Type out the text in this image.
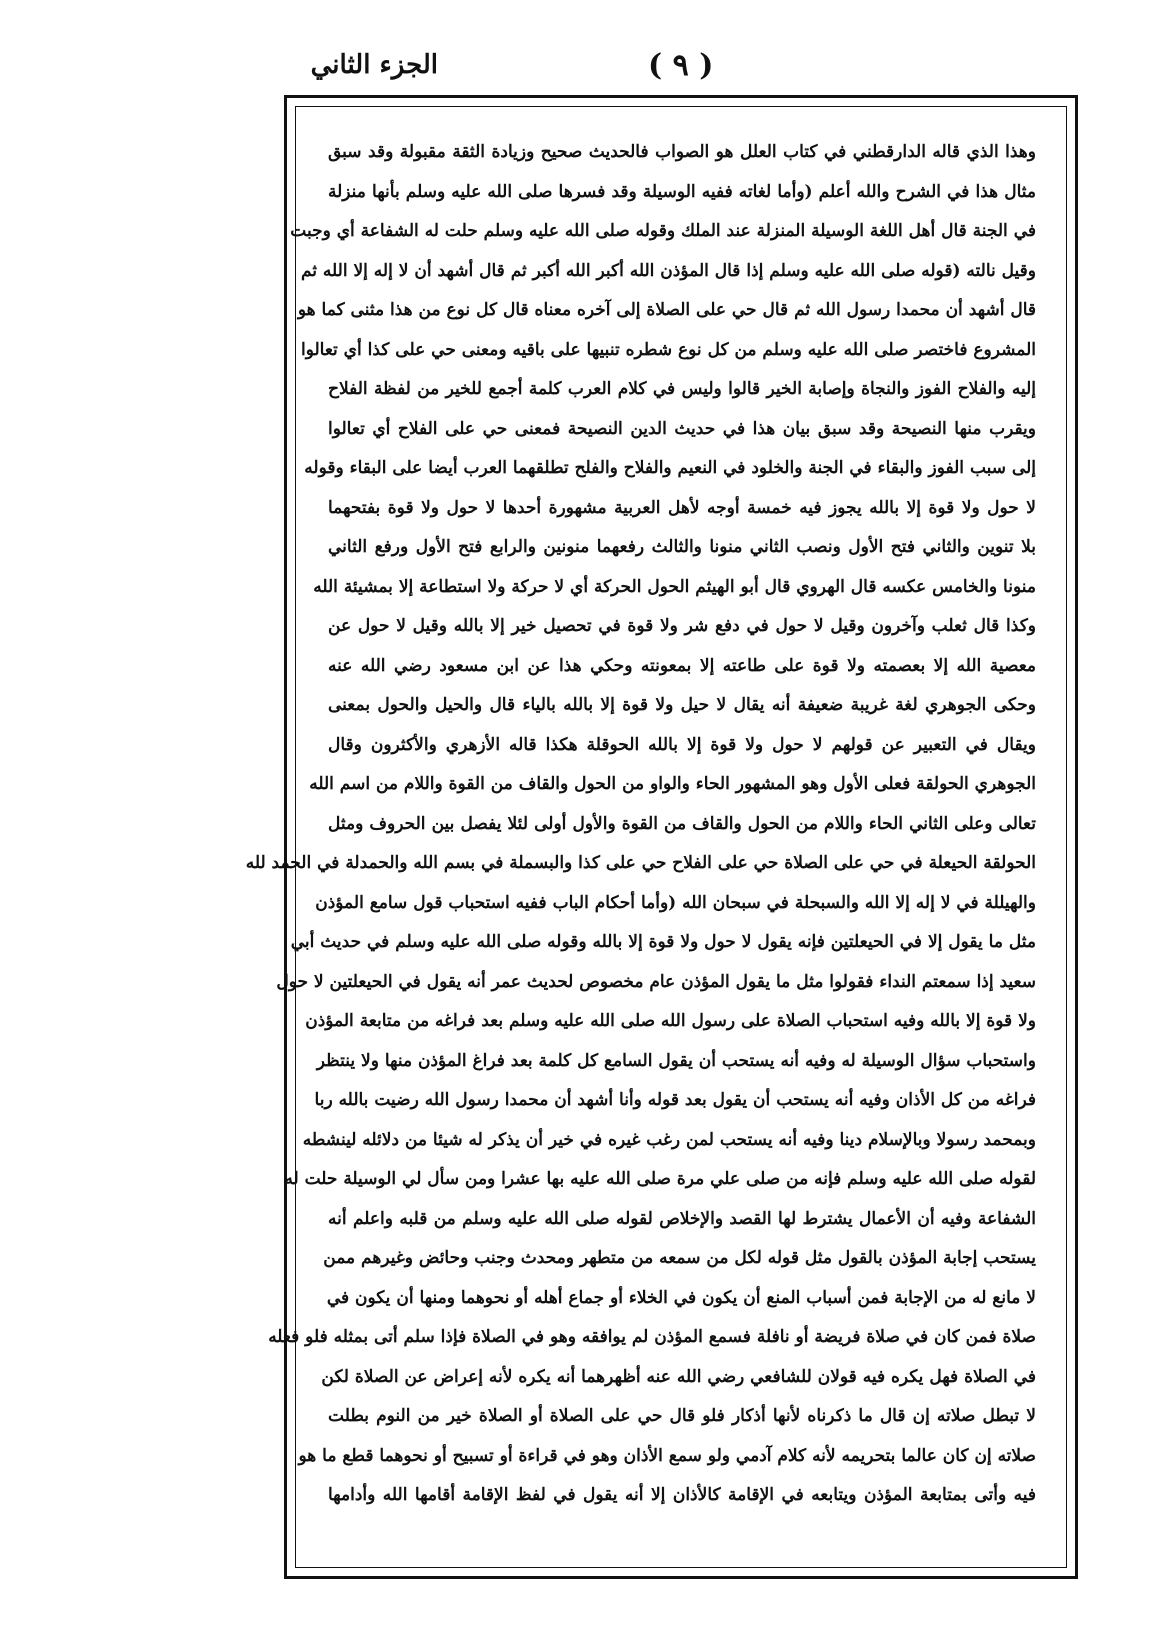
( ٩ )
الجزء الثاني
وهذا الذي قاله الدارقطني في كتاب العلل هو الصواب فالحديث صحيح وزيادة الثقة مقبولة وقد سبق
مثال هذا في الشرح والله أعلم (وأما لغاته ففيه الوسيلة وقد فسرها صلى الله عليه وسلم بأنها منزلة
في الجنة قال أهل اللغة الوسيلة المنزلة عند الملك وقوله صلى الله عليه وسلم حلت له الشفاعة أي وجبت
وقيل نالته (قوله صلى الله عليه وسلم إذا قال المؤذن الله أكبر الله أكبر ثم قال أشهد أن لا إله إلا الله ثم
قال أشهد أن محمدا رسول الله ثم قال حي على الصلاة إلى آخره معناه قال كل نوع من هذا مثنى كما هو
المشروع فاختصر صلى الله عليه وسلم من كل نوع شطره تنبيها على باقيه ومعنى حي على كذا أي تعالوا
إليه والفلاح الفوز والنجاة وإصابة الخير قالوا وليس في كلام العرب كلمة أجمع للخير من لفظة الفلاح
ويقرب منها النصيحة وقد سبق بيان هذا في حديث الدين النصيحة فمعنى حي على الفلاح أي تعالوا
إلى سبب الفوز والبقاء في الجنة والخلود في النعيم والفلاح والفلح تطلقهما العرب أيضا على البقاء وقوله
لا حول ولا قوة إلا بالله يجوز فيه خمسة أوجه لأهل العربية مشهورة أحدها لا حول ولا قوة بفتحهما
بلا تنوين والثاني فتح الأول ونصب الثاني منونا والثالث رفعهما منونين والرابع فتح الأول ورفع الثاني
منونا والخامس عكسه قال الهروي قال أبو الهيثم الحول الحركة أي لا حركة ولا استطاعة إلا بمشيئة الله
وكذا قال ثعلب وآخرون وقيل لا حول في دفع شر ولا قوة في تحصيل خير إلا بالله وقيل لا حول عن
معصية الله إلا بعصمته ولا قوة على طاعته إلا بمعونته وحكي هذا عن ابن مسعود رضي الله عنه
وحكى الجوهري لغة غريبة ضعيفة أنه يقال لا حيل ولا قوة إلا بالله بالياء قال والحيل والحول بمعنى
ويقال في التعبير عن قولهم لا حول ولا قوة إلا بالله الحوقلة هكذا قاله الأزهري والأكثرون وقال
الجوهري الحولقة فعلى الأول وهو المشهور الحاء والواو من الحول والقاف من القوة واللام من اسم الله
تعالى وعلى الثاني الحاء واللام من الحول والقاف من القوة والأول أولى لئلا يفصل بين الحروف ومثل
الحولقة الحيعلة في حي على الصلاة حي على الفلاح حي على كذا والبسملة في بسم الله والحمدلة في الحمد لله
والهيللة في لا إله إلا الله والسبحلة في سبحان الله (وأما أحكام الباب ففيه استحباب قول سامع المؤذن
مثل ما يقول إلا في الحيعلتين فإنه يقول لا حول ولا قوة إلا بالله وقوله صلى الله عليه وسلم في حديث أبي
سعيد إذا سمعتم النداء فقولوا مثل ما يقول المؤذن عام مخصوص لحديث عمر أنه يقول في الحيعلتين لا حول
ولا قوة إلا بالله وفيه استحباب الصلاة على رسول الله صلى الله عليه وسلم بعد فراغه من متابعة المؤذن
واستحباب سؤال الوسيلة له وفيه أنه يستحب أن يقول السامع كل كلمة بعد فراغ المؤذن منها ولا ينتظر
فراغه من كل الأذان وفيه أنه يستحب أن يقول بعد قوله وأنا أشهد أن محمدا رسول الله رضيت بالله ربا
وبمحمد رسولا وبالإسلام دينا وفيه أنه يستحب لمن رغب غيره في خير أن يذكر له شيئا من دلائله لينشطه
لقوله صلى الله عليه وسلم فإنه من صلى علي مرة صلى الله عليه بها عشرا ومن سأل لي الوسيلة حلت له
الشفاعة وفيه أن الأعمال يشترط لها القصد والإخلاص لقوله صلى الله عليه وسلم من قلبه واعلم أنه
يستحب إجابة المؤذن بالقول مثل قوله لكل من سمعه من متطهر ومحدث وجنب وحائض وغيرهم ممن
لا مانع له من الإجابة فمن أسباب المنع أن يكون في الخلاء أو جماع أهله أو نحوهما ومنها أن يكون في
صلاة فمن كان في صلاة فريضة أو نافلة فسمع المؤذن لم يوافقه وهو في الصلاة فإذا سلم أتى بمثله فلو فعله
في الصلاة فهل يكره فيه قولان للشافعي رضي الله عنه أظهرهما أنه يكره لأنه إعراض عن الصلاة لكن
لا تبطل صلاته إن قال ما ذكرناه لأنها أذكار فلو قال حي على الصلاة أو الصلاة خير من النوم بطلت
صلاته إن كان عالما بتحريمه لأنه كلام آدمي ولو سمع الأذان وهو في قراءة أو تسبيح أو نحوهما قطع ما هو
فيه وأتى بمتابعة المؤذن ويتابعه في الإقامة كالأذان إلا أنه يقول في لفظ الإقامة أقامها الله وأدامها
